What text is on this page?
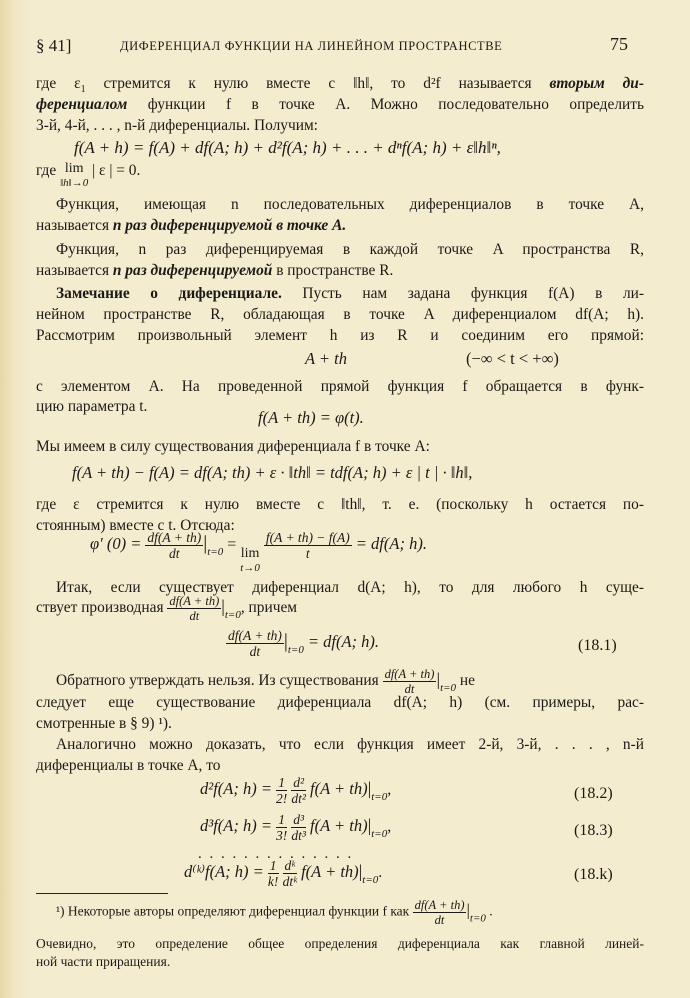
§ 41]	ДИФЕРЕНЦИАЛ ФУНКЦИИ НА ЛИНЕЙНОМ ПРОСТРАНСТВЕ	75
где $\varepsilon_1$ стремится к нулю вместе с ‖h‖, то d²f называется вторым ди-
ференциалом функции f в точке A. Можно последовательно определить
3-й, 4-й, . . . , n-й диференциалы. Получим:
f(A + h) = f(A) + df(A; h) + d²f(A; h) + . . . + dⁿf(A; h) + ε‖h‖ⁿ,
где lim
‖h‖→0
| ε | = 0.
Функция, имеющая n последовательных диференциалов в точке A,
называется n раз диференцируемой в точке A.
Функция, n раз диференцируемая в каждой точке A пространства R,
называется n раз диференцируемой в пространстве R.
Замечание о диференциале. Пусть нам задана функция f(A) в ли-
нейном пространстве R, обладающая в точке A диференциалом df(A; h).
Рассмотрим произвольный элемент h из R и соединим его прямой:
A + th	(−∞ < t < +∞)
с элементом A. На проведенной прямой функция f обращается в функ-
цию параметра t.
f(A + th) = φ(t).
Мы имеем в силу существования диференциала f в точке A:
f(A + th) − f(A) = df(A; th) + ε · ‖th‖ = tdf(A; h) + ε | t | · ‖h‖,
где ε стремится к нулю вместе с ‖th‖, т. е. (поскольку h остается по-
стоянным) вместе с t. Отсюда:
φ′ $(0) = \frac{df(A + th)}{dt} |_{t=0}$ =
lim
t→0

$\frac{f(A + th) - f(A)}{t} = df(A$; h).
Итак, если существует диференциал d(A; h), то для любого h суще-
ствует производная $\frac{df(A + th)}{dt} |_{t=0}$, причем
$\frac{df(A + th)}{dt} |_{t=0} = df(A$; h).	(18.1)
Обратного утверждать нельзя. Из существования $\frac{df(A + th)}{dt} |_{t=0}$ не
следует еще существование диференциала df(A; h) (см. примеры, рас-
смотренные в § 9) ¹).
Аналогично можно доказать, что если функция имеет 2-й, 3-й, . . . , n-й
диференциалы в точке A, то
d²f(A; $h) = \frac{1}{2!}$
$\frac{\text{d²}}{\text{dt²}} f(A + th)|_{t=0}$,	(18.2)
d³f(A; $h) = \frac{1}{3!}$
$\frac{\text{d³}}{\text{dt³}} f(A + th)|_{t=0}$,	(18.3)
. . . . . . . . . . . . . .
d⁽ᵏ⁾f(A; $h) = \frac{1}{k!}$
$\frac{\text{dᵏ}}{\text{dtᵏ}} f(A + th)|_{t=0}$.	(18.k)
¹) Некоторые авторы определяют диференциал функции f как $\frac{df(A + th)}{dt} |_{t=0}$ .
Очевидно, это определение общее определения диференциала как главной линей-
ной части приращения.
